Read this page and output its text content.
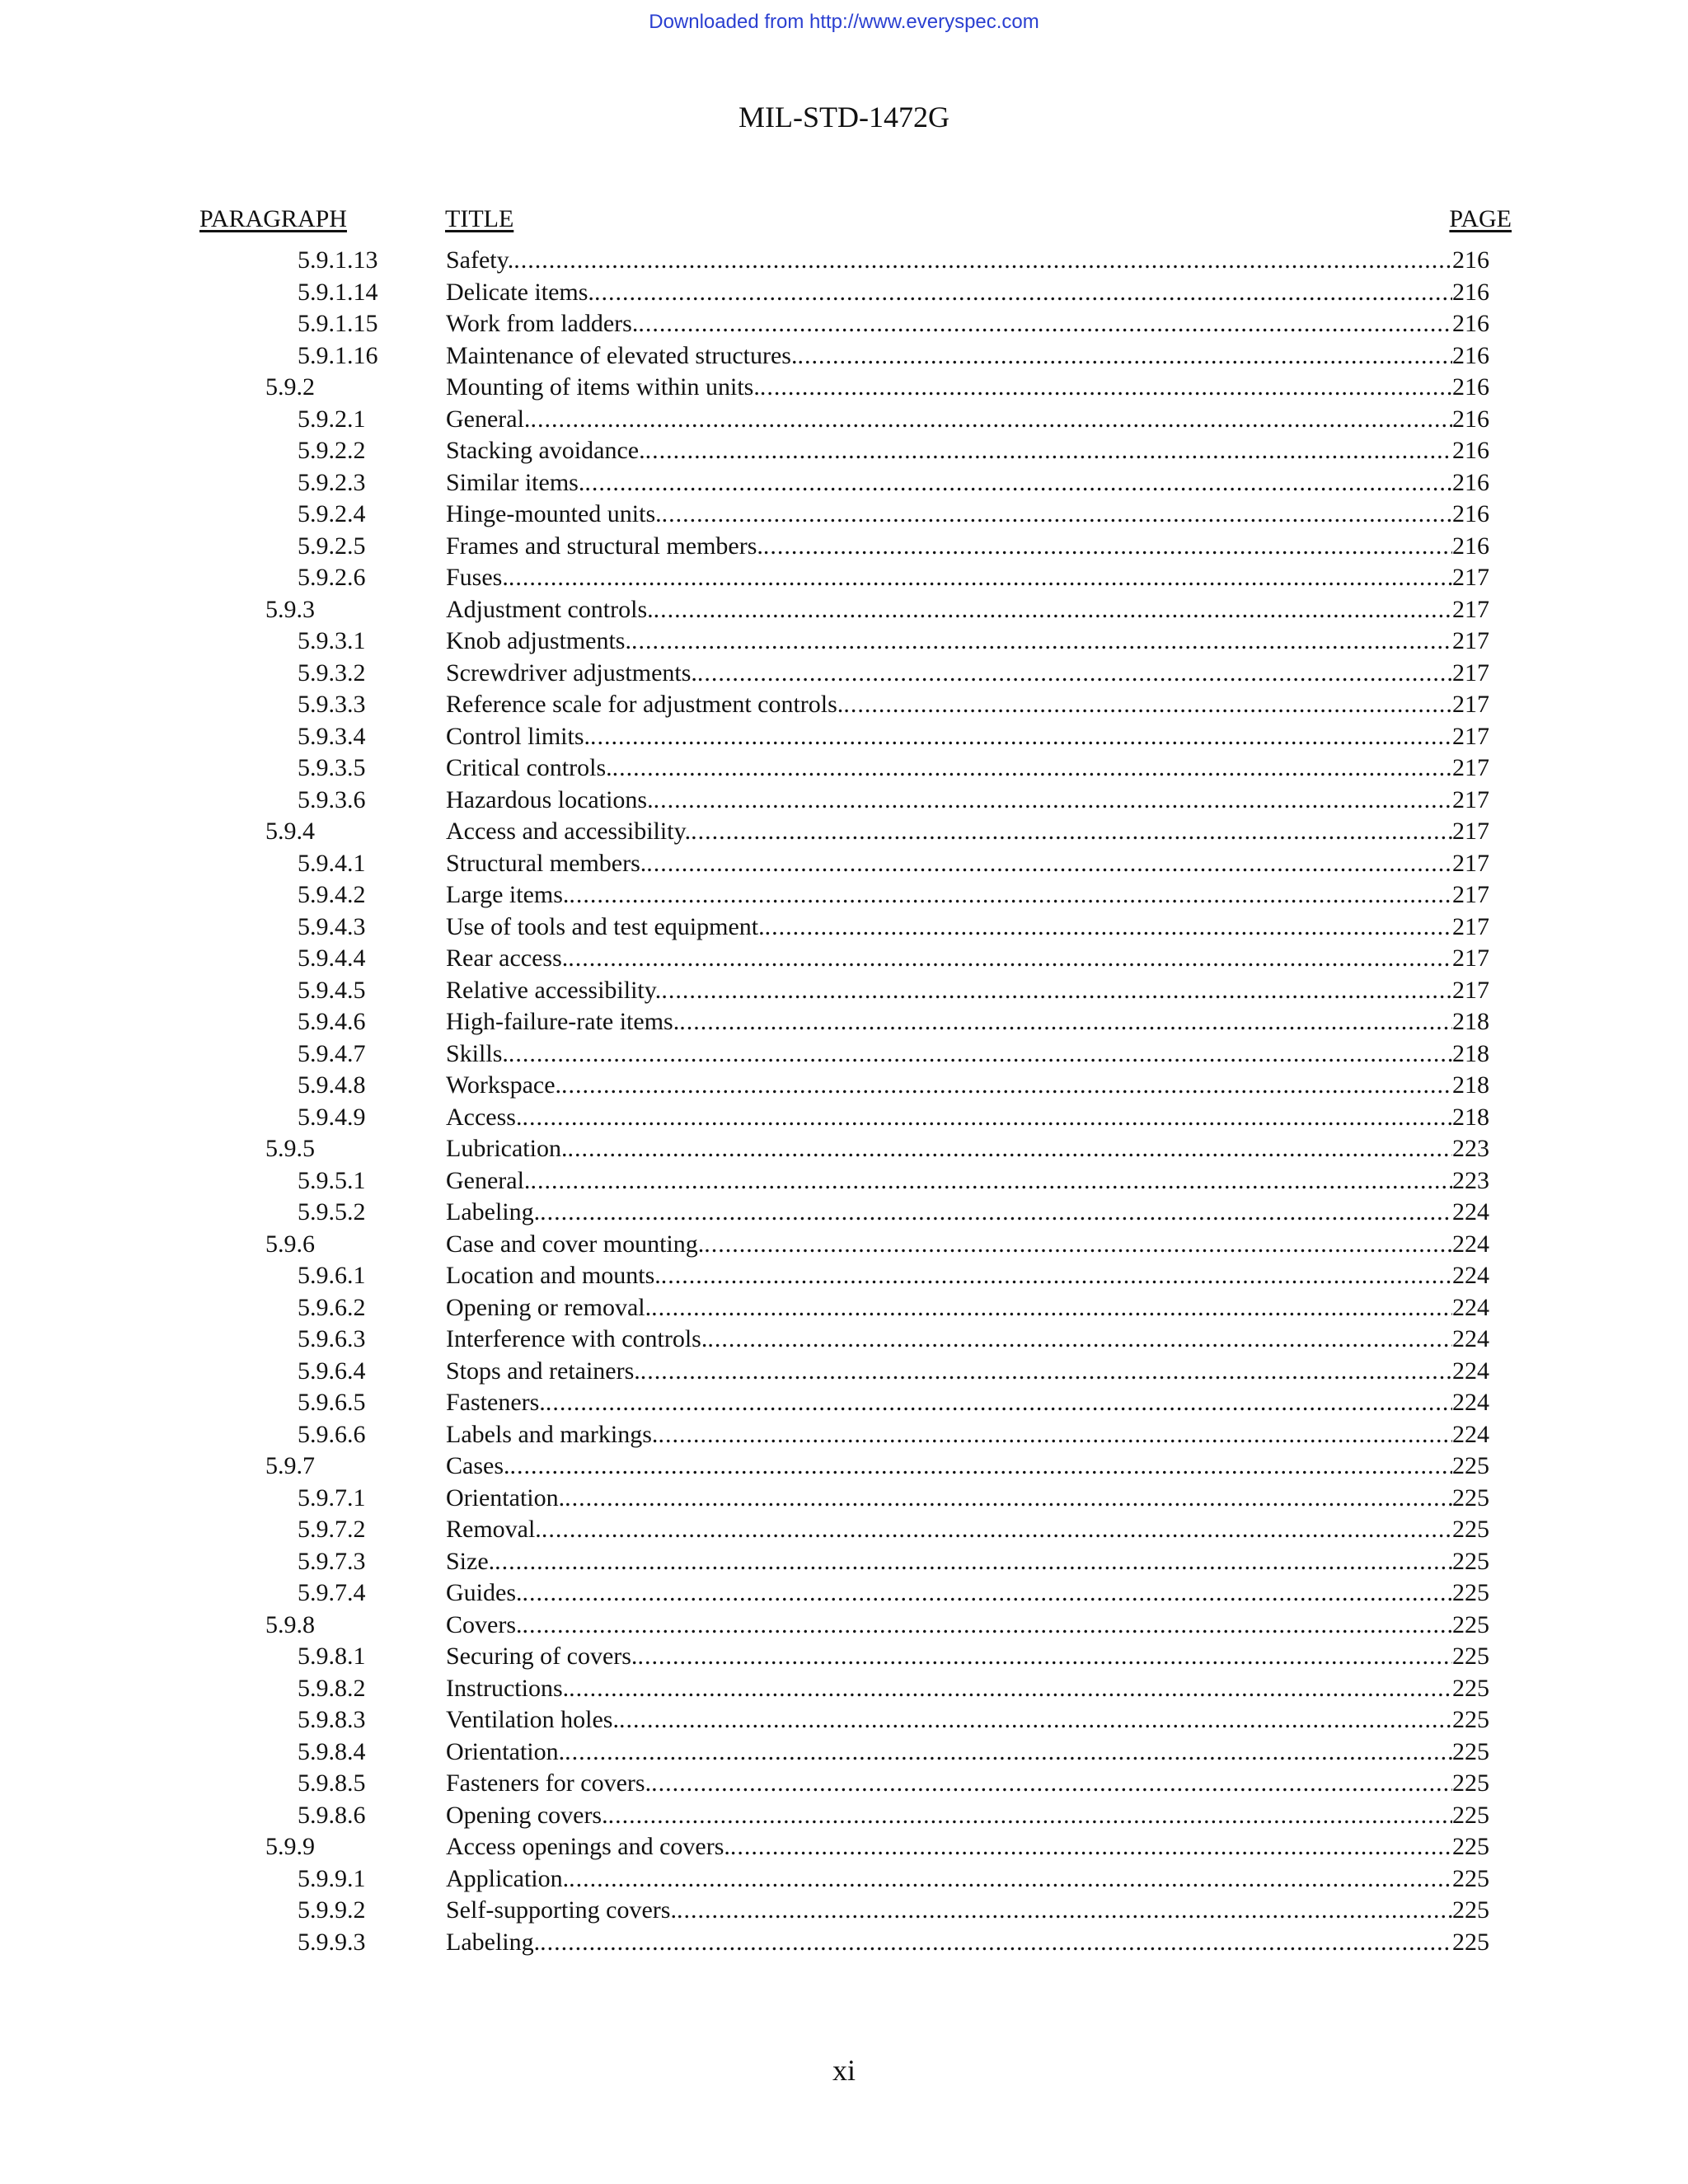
Downloaded from http://www.everyspec.com
MIL-STD-1472G
PARAGRAPH	TITLE	PAGE
5.9.1.13	Safety. .....	216
5.9.1.14	Delicate items. .....	216
5.9.1.15	Work from ladders. .....	216
5.9.1.16	Maintenance of elevated structures. .....	216
5.9.2	Mounting of items within units. .....	216
5.9.2.1	General. .....	216
5.9.2.2	Stacking avoidance. .....	216
5.9.2.3	Similar items. .....	216
5.9.2.4	Hinge-mounted units. .....	216
5.9.2.5	Frames and structural members. .....	216
5.9.2.6	Fuses. .....	217
5.9.3	Adjustment controls. .....	217
5.9.3.1	Knob adjustments. .....	217
5.9.3.2	Screwdriver adjustments. .....	217
5.9.3.3	Reference scale for adjustment controls. .....	217
5.9.3.4	Control limits. .....	217
5.9.3.5	Critical controls. .....	217
5.9.3.6	Hazardous locations. .....	217
5.9.4	Access and accessibility. .....	217
5.9.4.1	Structural members. .....	217
5.9.4.2	Large items. .....	217
5.9.4.3	Use of tools and test equipment. .....	217
5.9.4.4	Rear access. .....	217
5.9.4.5	Relative accessibility. .....	217
5.9.4.6	High-failure-rate items. .....	218
5.9.4.7	Skills. .....	218
5.9.4.8	Workspace. .....	218
5.9.4.9	Access. .....	218
5.9.5	Lubrication. .....	223
5.9.5.1	General. .....	223
5.9.5.2	Labeling. .....	224
5.9.6	Case and cover mounting. .....	224
5.9.6.1	Location and mounts. .....	224
5.9.6.2	Opening or removal. .....	224
5.9.6.3	Interference with controls. .....	224
5.9.6.4	Stops and retainers. .....	224
5.9.6.5	Fasteners. .....	224
5.9.6.6	Labels and markings. .....	224
5.9.7	Cases. .....	225
5.9.7.1	Orientation. .....	225
5.9.7.2	Removal. .....	225
5.9.7.3	Size. .....	225
5.9.7.4	Guides. .....	225
5.9.8	Covers. .....	225
5.9.8.1	Securing of covers. .....	225
5.9.8.2	Instructions. .....	225
5.9.8.3	Ventilation holes. .....	225
5.9.8.4	Orientation. .....	225
5.9.8.5	Fasteners for covers. .....	225
5.9.8.6	Opening covers. .....	225
5.9.9	Access openings and covers. .....	225
5.9.9.1	Application. .....	225
5.9.9.2	Self-supporting covers. .....	225
5.9.9.3	Labeling. .....	225
xi
